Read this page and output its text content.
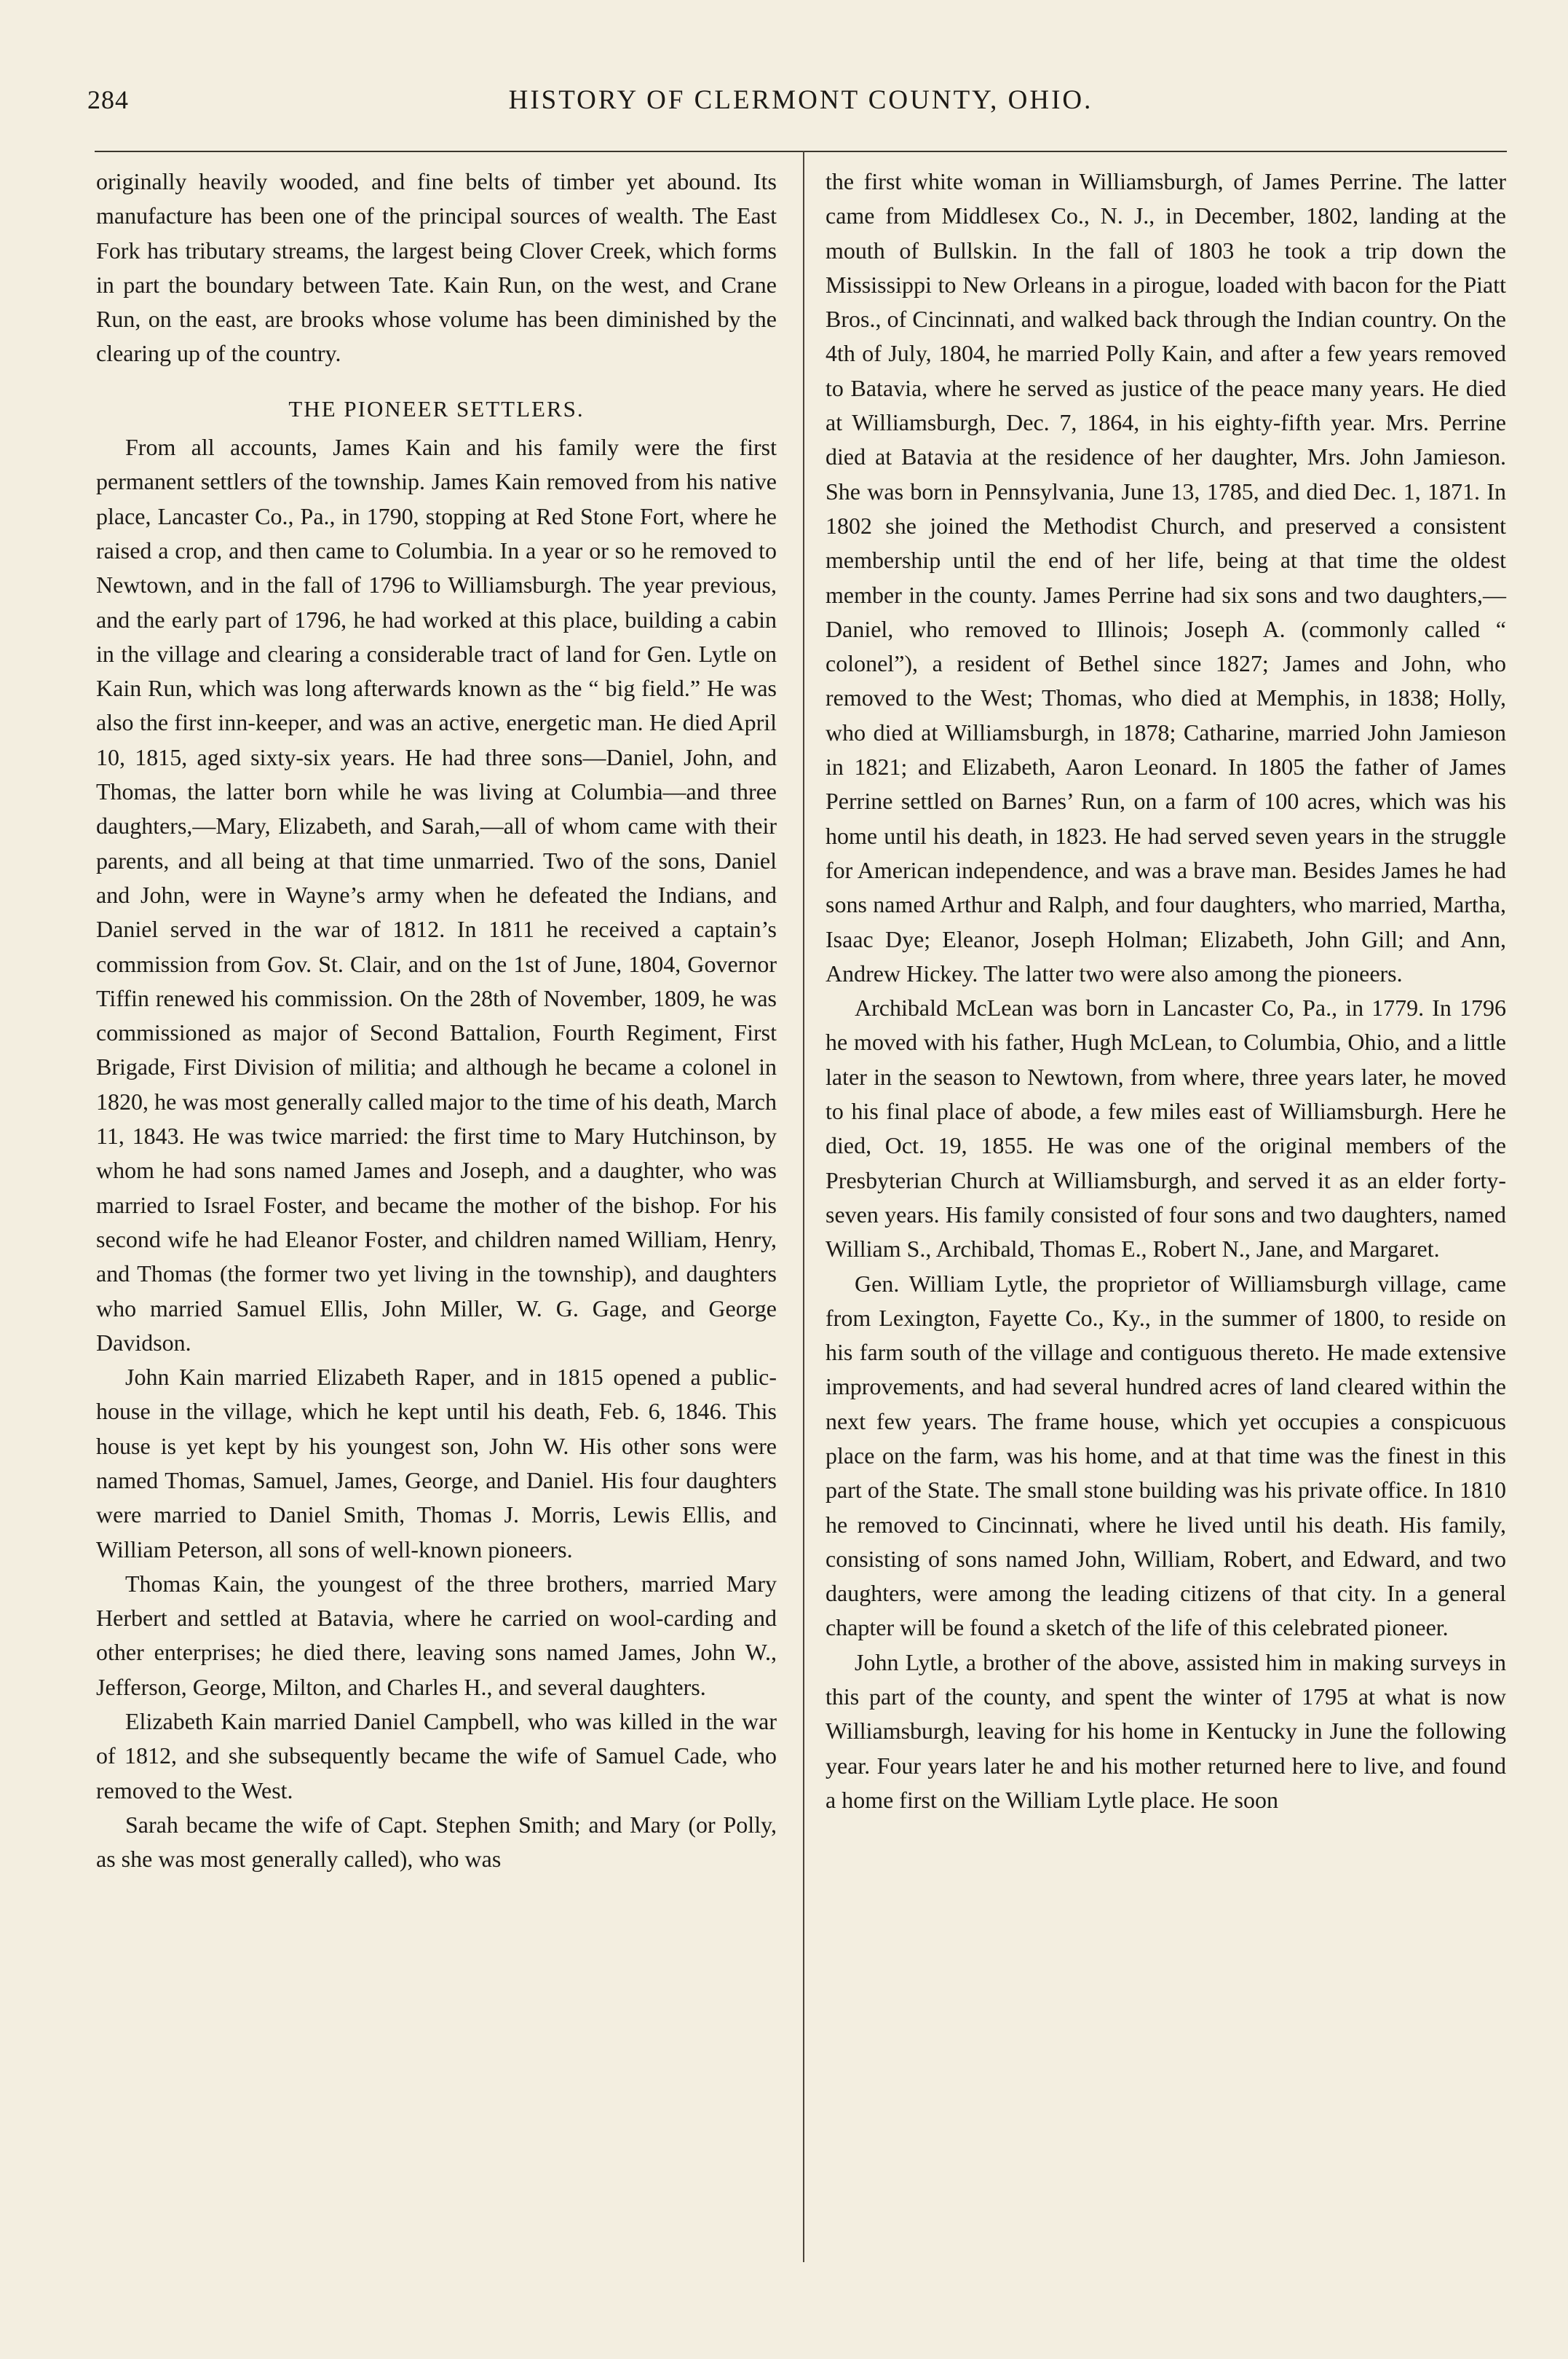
284	HISTORY OF CLERMONT COUNTY, OHIO.

originally heavily wooded, and fine belts of timber yet abound. Its manufacture has been one of the principal sources of wealth. The East Fork has tributary streams, the largest being Clover Creek, which forms in part the boundary between Tate. Kain Run, on the west, and Crane Run, on the east, are brooks whose volume has been diminished by the clearing up of the country.

THE PIONEER SETTLERS.

From all accounts, James Kain and his family were the first permanent settlers of the township. James Kain removed from his native place, Lancaster Co., Pa., in 1790, stopping at Red Stone Fort, where he raised a crop, and then came to Columbia. In a year or so he removed to Newtown, and in the fall of 1796 to Williamsburgh. The year previous, and the early part of 1796, he had worked at this place, building a cabin in the village and clearing a considerable tract of land for Gen. Lytle on Kain Run, which was long afterwards known as the “ big field.” He was also the first inn-keeper, and was an active, energetic man. He died April 10, 1815, aged sixty-six years. He had three sons—Daniel, John, and Thomas, the latter born while he was living at Columbia—and three daughters,—Mary, Elizabeth, and Sarah,—all of whom came with their parents, and all being at that time unmarried. Two of the sons, Daniel and John, were in Wayne’s army when he defeated the Indians, and Daniel served in the war of 1812. In 1811 he received a captain’s commission from Gov. St. Clair, and on the 1st of June, 1804, Governor Tiffin renewed his commission. On the 28th of November, 1809, he was commissioned as major of Second Battalion, Fourth Regiment, First Brigade, First Division of militia; and although he became a colonel in 1820, he was most generally called major to the time of his death, March 11, 1843. He was twice married: the first time to Mary Hutchinson, by whom he had sons named James and Joseph, and a daughter, who was married to Israel Foster, and became the mother of the bishop. For his second wife he had Eleanor Foster, and children named William, Henry, and Thomas (the former two yet living in the township), and daughters who married Samuel Ellis, John Miller, W. G. Gage, and George Davidson.

John Kain married Elizabeth Raper, and in 1815 opened a public-house in the village, which he kept until his death, Feb. 6, 1846. This house is yet kept by his youngest son, John W. His other sons were named Thomas, Samuel, James, George, and Daniel. His four daughters were married to Daniel Smith, Thomas J. Morris, Lewis Ellis, and William Peterson, all sons of well-known pioneers.

Thomas Kain, the youngest of the three brothers, married Mary Herbert and settled at Batavia, where he carried on wool-carding and other enterprises; he died there, leaving sons named James, John W., Jefferson, George, Milton, and Charles H., and several daughters.

Elizabeth Kain married Daniel Campbell, who was killed in the war of 1812, and she subsequently became the wife of Samuel Cade, who removed to the West.

Sarah became the wife of Capt. Stephen Smith; and Mary (or Polly, as she was most generally called), who was

the first white woman in Williamsburgh, of James Perrine. The latter came from Middlesex Co., N. J., in December, 1802, landing at the mouth of Bullskin. In the fall of 1803 he took a trip down the Mississippi to New Orleans in a pirogue, loaded with bacon for the Piatt Bros., of Cincinnati, and walked back through the Indian country. On the 4th of July, 1804, he married Polly Kain, and after a few years removed to Batavia, where he served as justice of the peace many years. He died at Williamsburgh, Dec. 7, 1864, in his eighty-fifth year. Mrs. Perrine died at Batavia at the residence of her daughter, Mrs. John Jamieson. She was born in Pennsylvania, June 13, 1785, and died Dec. 1, 1871. In 1802 she joined the Methodist Church, and preserved a consistent membership until the end of her life, being at that time the oldest member in the county. James Perrine had six sons and two daughters,—Daniel, who removed to Illinois; Joseph A. (commonly called “ colonel”), a resident of Bethel since 1827; James and John, who removed to the West; Thomas, who died at Memphis, in 1838; Holly, who died at Williamsburgh, in 1878; Catharine, married John Jamieson in 1821; and Elizabeth, Aaron Leonard. In 1805 the father of James Perrine settled on Barnes’ Run, on a farm of 100 acres, which was his home until his death, in 1823. He had served seven years in the struggle for American independence, and was a brave man. Besides James he had sons named Arthur and Ralph, and four daughters, who married, Martha, Isaac Dye; Eleanor, Joseph Holman; Elizabeth, John Gill; and Ann, Andrew Hickey. The latter two were also among the pioneers.

Archibald McLean was born in Lancaster Co, Pa., in 1779. In 1796 he moved with his father, Hugh McLean, to Columbia, Ohio, and a little later in the season to Newtown, from where, three years later, he moved to his final place of abode, a few miles east of Williamsburgh. Here he died, Oct. 19, 1855. He was one of the original members of the Presbyterian Church at Williamsburgh, and served it as an elder forty-seven years. His family consisted of four sons and two daughters, named William S., Archibald, Thomas E., Robert N., Jane, and Margaret.

Gen. William Lytle, the proprietor of Williamsburgh village, came from Lexington, Fayette Co., Ky., in the summer of 1800, to reside on his farm south of the village and contiguous thereto. He made extensive improvements, and had several hundred acres of land cleared within the next few years. The frame house, which yet occupies a conspicuous place on the farm, was his home, and at that time was the finest in this part of the State. The small stone building was his private office. In 1810 he removed to Cincinnati, where he lived until his death. His family, consisting of sons named John, William, Robert, and Edward, and two daughters, were among the leading citizens of that city. In a general chapter will be found a sketch of the life of this celebrated pioneer.

John Lytle, a brother of the above, assisted him in making surveys in this part of the county, and spent the winter of 1795 at what is now Williamsburgh, leaving for his home in Kentucky in June the following year. Four years later he and his mother returned here to live, and found a home first on the William Lytle place. He soon
